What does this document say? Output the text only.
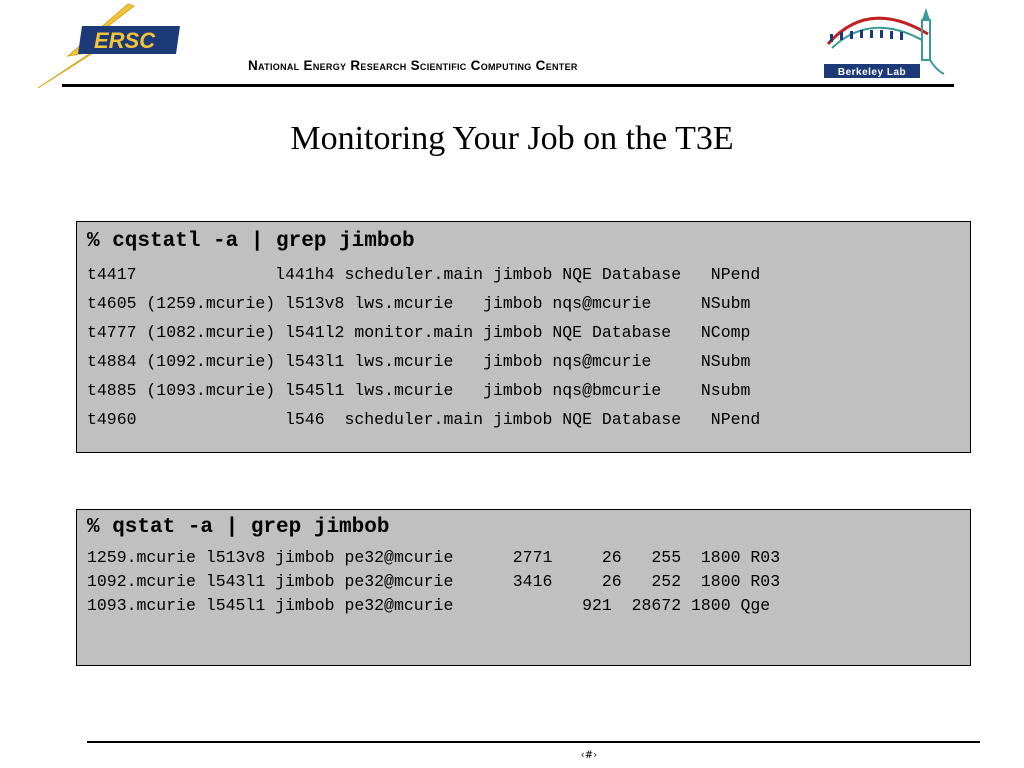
ERSC
Berkeley Lab
National Energy Research Scientific Computing Center
Monitoring Your Job on the T3E
% cqstatl -a | grep jimbob
t4417              l441h4 scheduler.main jimbob NQE Database   NPend
t4605 (1259.mcurie) l513v8 lws.mcurie   jimbob nqs@mcurie     NSubm
t4777 (1082.mcurie) l541l2 monitor.main jimbob NQE Database   NComp
t4884 (1092.mcurie) l543l1 lws.mcurie   jimbob nqs@mcurie     NSubm
t4885 (1093.mcurie) l545l1 lws.mcurie   jimbob nqs@bmcurie    Nsubm
t4960               l546  scheduler.main jimbob NQE Database   NPend
% qstat -a | grep jimbob
1259.mcurie l513v8 jimbob pe32@mcurie      2771     26   255  1800 R03
1092.mcurie l543l1 jimbob pe32@mcurie      3416     26   252  1800 R03
1093.mcurie l545l1 jimbob pe32@mcurie             921  28672 1800 Qge
‹#›
